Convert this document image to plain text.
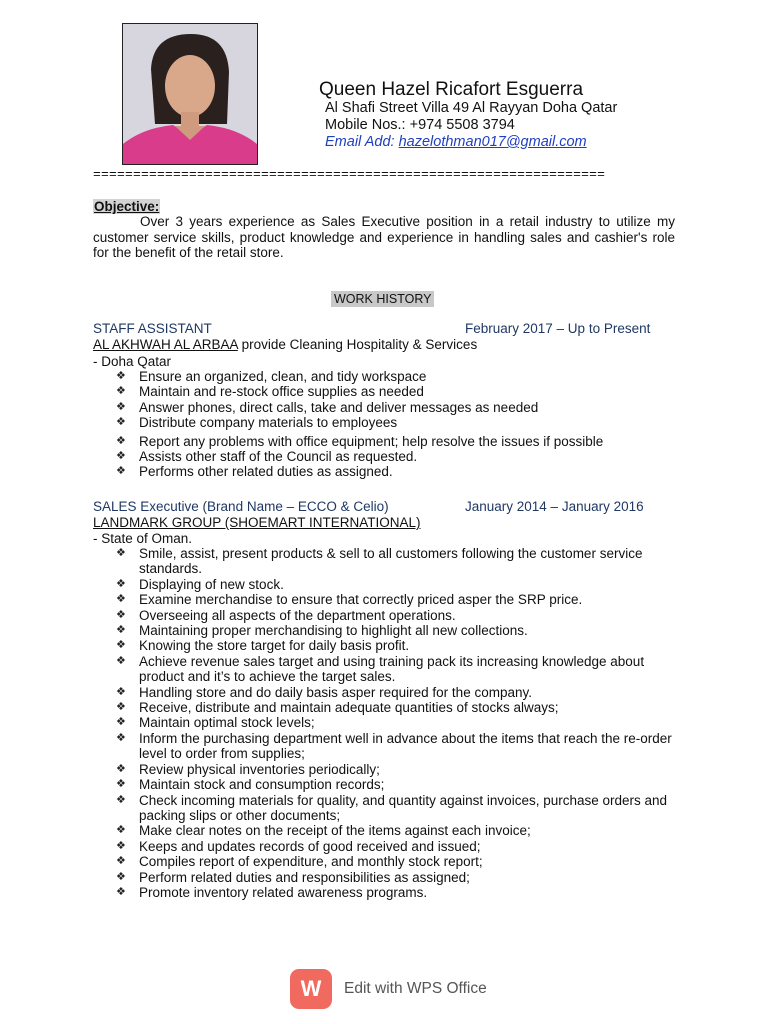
Queen Hazel Ricafort Esguerra
Al Shafi Street Villa 49 Al Rayyan Doha Qatar
Mobile Nos.: +974 5508 3794
Email Add: hazelothman017@gmail.com
================================================================
Objective:
Over 3 years experience as Sales Executive position in a retail industry to utilize my customer service skills, product knowledge and experience in handling sales and cashier's role for the benefit of the retail store.
WORK HISTORY
STAFF ASSISTANT	February 2017 – Up to Present
AL AKHWAH AL ARBAA provide Cleaning Hospitality & Services
- Doha Qatar
❖ Ensure an organized, clean, and tidy workspace
❖ Maintain and re-stock office supplies as needed
❖ Answer phones, direct calls, take and deliver messages as needed
❖ Distribute company materials to employees
❖ Report any problems with office equipment; help resolve the issues if possible
❖ Assists other staff of the Council as requested.
❖ Performs other related duties as assigned.
SALES Executive (Brand Name – ECCO & Celio)	January 2014 – January 2016
LANDMARK GROUP (SHOEMART INTERNATIONAL)
- State of Oman.
❖ Smile, assist, present products & sell to all customers following the customer service standards.
❖ Displaying of new stock.
❖ Examine merchandise to ensure that correctly priced asper the SRP price.
❖ Overseeing all aspects of the department operations.
❖ Maintaining proper merchandising to highlight all new collections.
❖ Knowing the store target for daily basis profit.
❖ Achieve revenue sales target and using training pack its increasing knowledge about product and it’s to achieve the target sales.
❖ Handling store and do daily basis asper required for the company.
❖ Receive, distribute and maintain adequate quantities of stocks always;
❖ Maintain optimal stock levels;
❖ Inform the purchasing department well in advance about the items that reach the re-order level to order from supplies;
❖ Review physical inventories periodically;
❖ Maintain stock and consumption records;
❖ Check incoming materials for quality, and quantity against invoices, purchase orders and packing slips or other documents;
❖ Make clear notes on the receipt of the items against each invoice;
❖ Keeps and updates records of good received and issued;
❖ Compiles report of expenditure, and monthly stock report;
❖ Perform related duties and responsibilities as assigned;
❖ Promote inventory related awareness programs.
W	Edit with WPS Office
